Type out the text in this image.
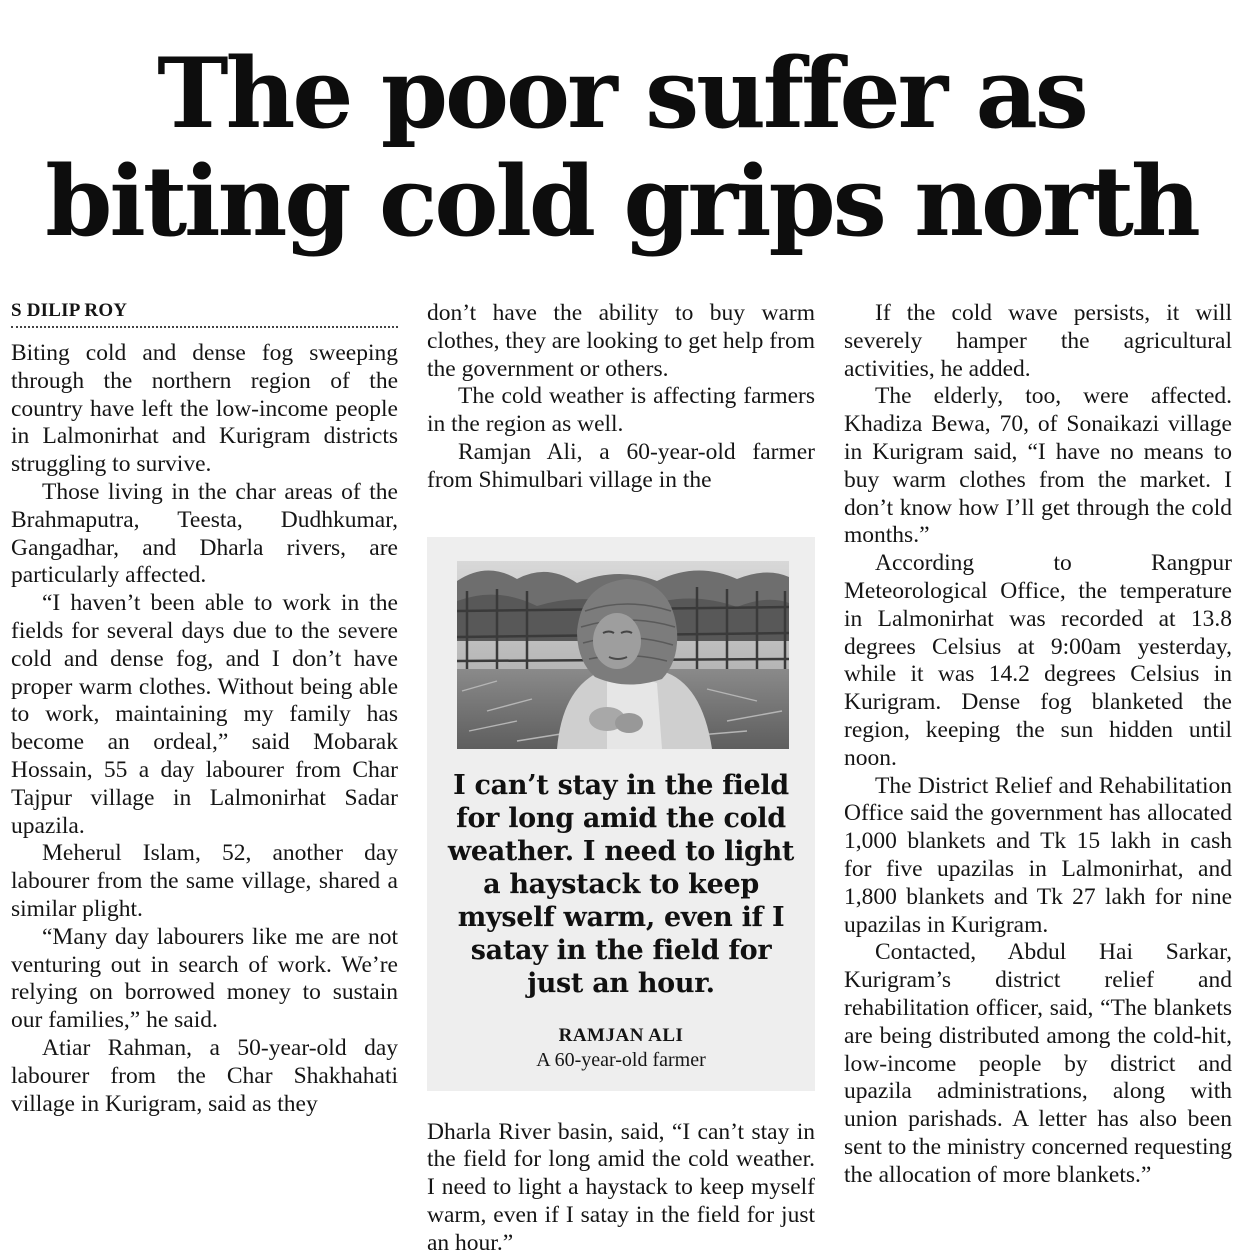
The poor suffer as biting cold grips north
S DILIP ROY

Biting cold and dense fog sweeping through the northern region of the country have left the low-income people in Lalmonirhat and Kurigram districts struggling to survive.

Those living in the char areas of the Brahmaputra, Teesta, Dudhkumar, Gangadhar, and Dharla rivers, are particularly affected.

“I haven’t been able to work in the fields for several days due to the severe cold and dense fog, and I don’t have proper warm clothes. Without being able to work, maintaining my family has become an ordeal,” said Mobarak Hossain, 55 a day labourer from Char Tajpur village in Lalmonirhat Sadar upazila.

Meherul Islam, 52, another day labourer from the same village, shared a similar plight.

“Many day labourers like me are not venturing out in search of work. We’re relying on borrowed money to sustain our families,” he said.

Atiar Rahman, a 50-year-old day labourer from the Char Shakhahati village in Kurigram, said as they

don’t have the ability to buy warm clothes, they are looking to get help from the government or others.

The cold weather is affecting farmers in the region as well.

Ramjan Ali, a 60-year-old farmer from Shimulbari village in the

I can’t stay in the field for long amid the cold weather. I need to light a haystack to keep myself warm, even if I satay in the field for just an hour.
RAMJAN ALI
A 60-year-old farmer

Dharla River basin, said, “I can’t stay in the field for long amid the cold weather. I need to light a haystack to keep myself warm, even if I satay in the field for just an hour.”

If the cold wave persists, it will severely hamper the agricultural activities, he added.

The elderly, too, were affected. Khadiza Bewa, 70, of Sonaikazi village in Kurigram said, “I have no means to buy warm clothes from the market. I don’t know how I’ll get through the cold months.”

According to Rangpur Meteorological Office, the temperature in Lalmonirhat was recorded at 13.8 degrees Celsius at 9:00am yesterday, while it was 14.2 degrees Celsius in Kurigram. Dense fog blanketed the region, keeping the sun hidden until noon.

The District Relief and Rehabilitation Office said the government has allocated 1,000 blankets and Tk 15 lakh in cash for five upazilas in Lalmonirhat, and 1,800 blankets and Tk 27 lakh for nine upazilas in Kurigram.

Contacted, Abdul Hai Sarkar, Kurigram’s district relief and rehabilitation officer, said, “The blankets are being distributed among the cold-hit, low-income people by district and upazila administrations, along with union parishads. A letter has also been sent to the ministry concerned requesting the allocation of more blankets.”
